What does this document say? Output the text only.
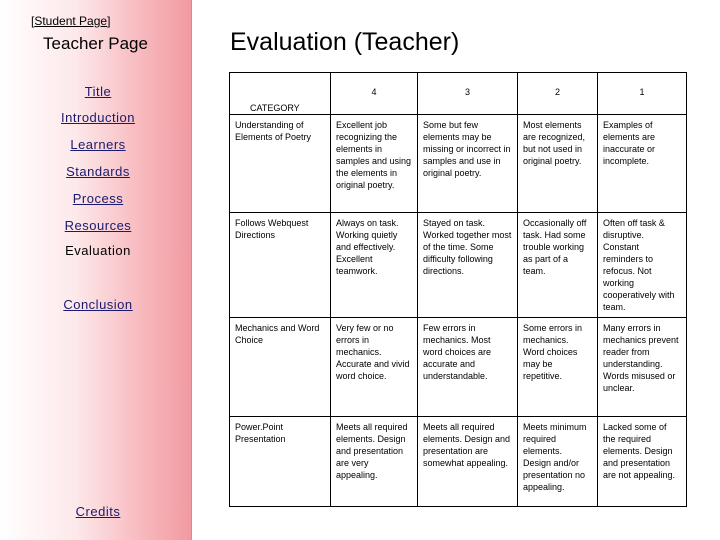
[Student Page]
Teacher Page
Title
Introduction
Learners
Standards
Process
Resources
Evaluation
Conclusion
Credits
Evaluation (Teacher)
CATEGORY	4	3	2	1
Understanding of Elements of Poetry	Excellent job recognizing the elements in samples and using the elements in original poetry.	Some but few elements may be missing or incorrect in samples and use in original poetry.	Most elements are recognized, but not used in original poetry.	Examples of elements are inaccurate or incomplete.
Follows Webquest Directions	Always on task. Working quietly and effectively. Excellent teamwork.	Stayed on task. Worked together most of the time. Some difficulty following directions.	Occasionally off task. Had some trouble working as part of a team.	Often off task & disruptive. Constant reminders to refocus. Not working cooperatively with team.
Mechanics and Word Choice	Very few or no errors in mechanics. Accurate and vivid word choice.	Few errors in mechanics. Most word choices are accurate and understandable.	Some errors in mechanics. Word choices may be repetitive.	Many errors in mechanics prevent reader from understanding. Words misused or unclear.
Power.Point Presentation	Meets all required elements. Design and presentation are very appealing.	Meets all required elements. Design and presentation are somewhat appealing.	Meets minimum required elements. Design and/or presentation no appealing.	Lacked some of the required elements. Design and presentation are not appealing.
